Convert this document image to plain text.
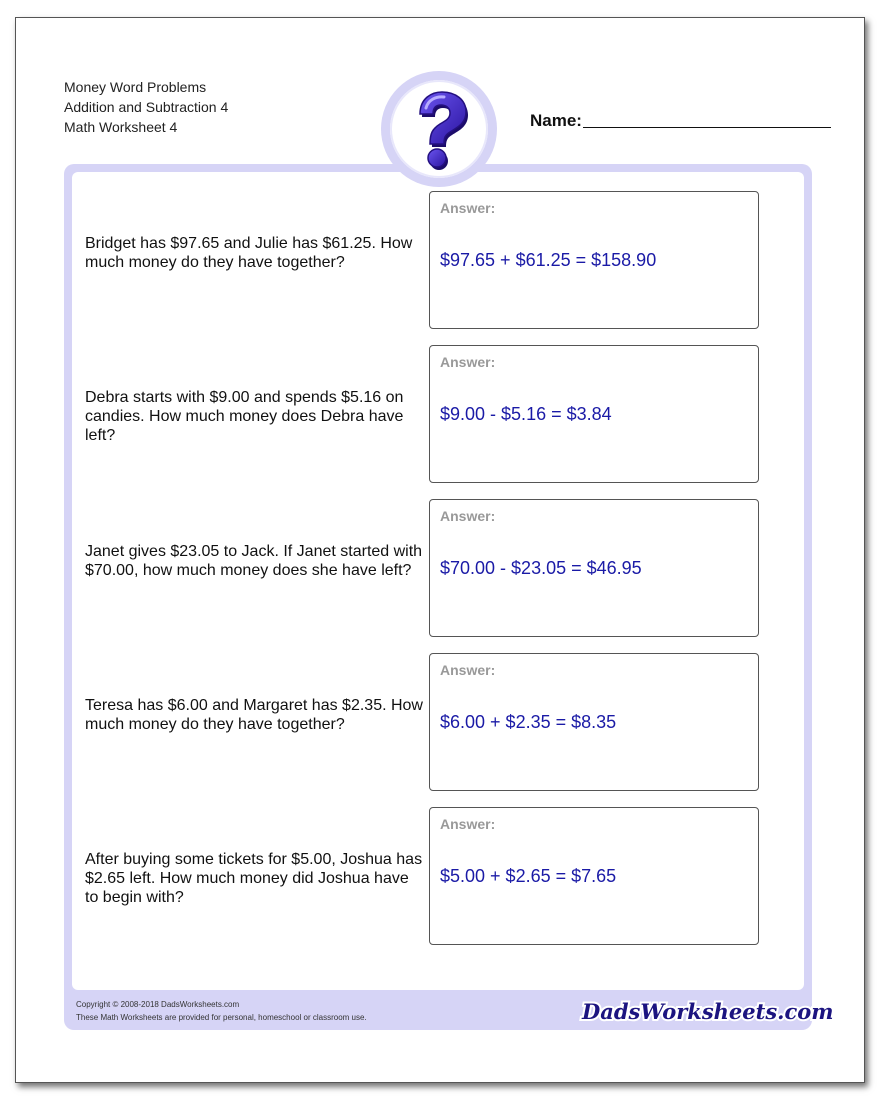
Money Word Problems
Addition and Subtraction 4
Math Worksheet 4	Name:
Bridget has $97.65 and Julie has $61.25. How much money do they have together?
Answer:
$97.65 + $61.25 = $158.90
Debra starts with $9.00 and spends $5.16 on candies. How much money does Debra have left?
Answer:
$9.00 - $5.16 = $3.84
Janet gives $23.05 to Jack. If Janet started with $70.00, how much money does she have left?
Answer:
$70.00 - $23.05 = $46.95
Teresa has $6.00 and Margaret has $2.35. How much money do they have together?
Answer:
$6.00 + $2.35 = $8.35
After buying some tickets for $5.00, Joshua has $2.65 left. How much money did Joshua have to begin with?
Answer:
$5.00 + $2.65 = $7.65
Copyright © 2008-2018 DadsWorksheets.com
These Math Worksheets are provided for personal, homeschool or classroom use.	DadsWorksheets.com
